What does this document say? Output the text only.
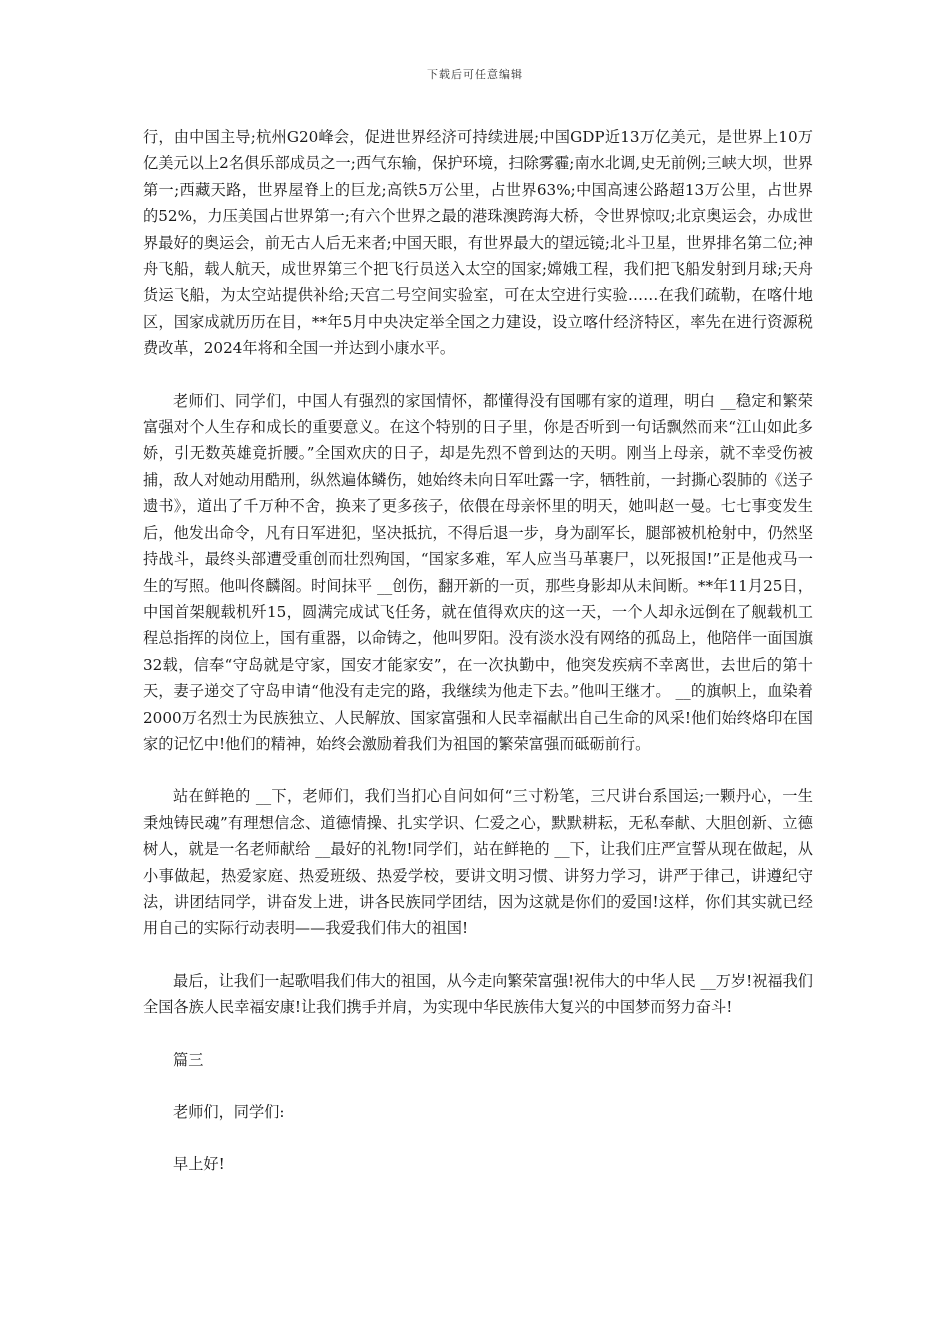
下载后可任意编辑

行，由中国主导;杭州G20峰会，促进世界经济可持续进展;中国GDP近13万亿美元，是世界上10万亿美元以上2名俱乐部成员之一;西气东输，保护环境，扫除雾霾;南水北调,史无前例;三峡大坝，世界第一;西藏天路，世界屋脊上的巨龙;高铁5万公里，占世界63%;中国高速公路超13万公里，占世界的52%，力压美国占世界第一;有六个世界之最的港珠澳跨海大桥，令世界惊叹;北京奥运会，办成世界最好的奥运会，前无古人后无来者;中国天眼，有世界最大的望远镜;北斗卫星，世界排名第二位;神舟飞船，载人航天，成世界第三个把飞行员送入太空的国家;嫦娥工程，我们把飞船发射到月球;天舟货运飞船，为太空站提供补给;天宫二号空间实验室，可在太空进行实验……在我们疏勒，在喀什地区，国家成就历历在目，**年5月中央决定举全国之力建设，设立喀什经济特区，率先在进行资源税费改革，2024年将和全国一并达到小康水平。

老师们、同学们，中国人有强烈的家国情怀，都懂得没有国哪有家的道理，明白 __稳定和繁荣富强对个人生存和成长的重要意义。在这个特别的日子里，你是否听到一句话飘然而来“江山如此多娇，引无数英雄竟折腰。”全国欢庆的日子，却是先烈不曾到达的天明。刚当上母亲，就不幸受伤被捕，敌人对她动用酷刑，纵然遍体鳞伤，她始终未向日军吐露一字，牺牲前，一封撕心裂肺的《送子遗书》，道出了千万种不舍，换来了更多孩子，依偎在母亲怀里的明天，她叫赵一曼。七七事变发生后，他发出命令，凡有日军进犯，坚决抵抗，不得后退一步，身为副军长，腿部被机枪射中，仍然坚持战斗，最终头部遭受重创而壮烈殉国，“国家多难，军人应当马革裹尸，以死报国!”正是他戎马一生的写照。他叫佟麟阁。时间抹平 __创伤，翻开新的一页，那些身影却从未间断。**年11月25日，中国首架舰载机歼15，圆满完成试飞任务，就在值得欢庆的这一天，一个人却永远倒在了舰载机工程总指挥的岗位上，国有重器，以命铸之，他叫罗阳。没有淡水没有网络的孤岛上，他陪伴一面国旗32载，信奉“守岛就是守家，国安才能家安”，在一次执勤中，他突发疾病不幸离世，去世后的第十天，妻子递交了守岛申请“他没有走完的路，我继续为他走下去。”他叫王继才。 __的旗帜上，血染着2000万名烈士为民族独立、人民解放、国家富强和人民幸福献出自己生命的风采!他们始终烙印在国家的记忆中!他们的精神，始终会激励着我们为祖国的繁荣富强而砥砺前行。

站在鲜艳的 __下，老师们，我们当扪心自问如何“三寸粉笔，三尺讲台系国运;一颗丹心，一生秉烛铸民魂”有理想信念、道德情操、扎实学识、仁爱之心，默默耕耘，无私奉献、大胆创新、立德树人，就是一名老师献给 __最好的礼物!同学们，站在鲜艳的 __下，让我们庄严宣誓从现在做起，从小事做起，热爱家庭、热爱班级、热爱学校，要讲文明习惯、讲努力学习，讲严于律己，讲遵纪守法，讲团结同学，讲奋发上进，讲各民族同学团结，因为这就是你们的爱国!这样，你们其实就已经用自己的实际行动表明——我爱我们伟大的祖国!

最后，让我们一起歌唱我们伟大的祖国，从今走向繁荣富强!祝伟大的中华人民 __万岁!祝福我们全国各族人民幸福安康!让我们携手并肩，为实现中华民族伟大复兴的中国梦而努力奋斗!

篇三

老师们，同学们:

早上好!
